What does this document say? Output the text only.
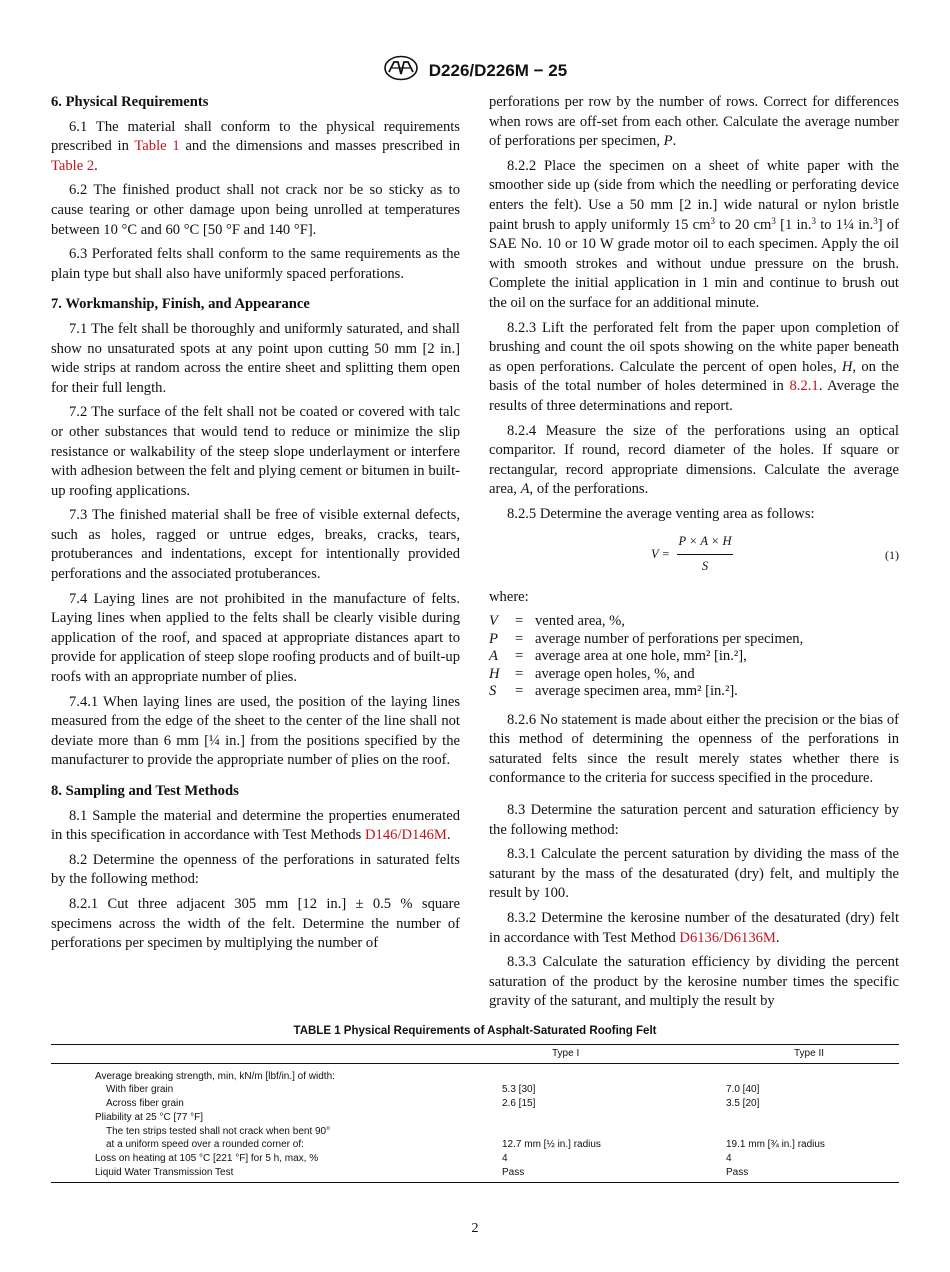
D226/D226M − 25
6. Physical Requirements

6.1 The material shall conform to the physical requirements prescribed in Table 1 and the dimensions and masses prescribed in Table 2.

6.2 The finished product shall not crack nor be so sticky as to cause tearing or other damage upon being unrolled at temperatures between 10 °C and 60 °C [50 °F and 140 °F].

6.3 Perforated felts shall conform to the same requirements as the plain type but shall also have uniformly spaced perforations.

7. Workmanship, Finish, and Appearance

7.1 The felt shall be thoroughly and uniformly saturated, and shall show no unsaturated spots at any point upon cutting 50 mm [2 in.] wide strips at random across the entire sheet and splitting them open for their full length.

7.2 The surface of the felt shall not be coated or covered with talc or other substances that would tend to reduce or minimize the slip resistance or walkability of the steep slope underlayment or interfere with adhesion between the felt and plying cement or bitumen in built-up roofing applications.

7.3 The finished material shall be free of visible external defects, such as holes, ragged or untrue edges, breaks, cracks, tears, protuberances and indentations, except for intentionally provided perforations and the associated protuberances.

7.4 Laying lines are not prohibited in the manufacture of felts. Laying lines when applied to the felts shall be clearly visible during application of the roof, and spaced at appropriate distances apart to provide for application of steep slope roofing products and of built-up roofs with an appropriate number of plies.

7.4.1 When laying lines are used, the position of the laying lines measured from the edge of the sheet to the center of the line shall not deviate more than 6 mm [¼ in.] from the positions specified by the manufacturer to provide the appropriate number of plies on the roof.

8. Sampling and Test Methods

8.1 Sample the material and determine the properties enumerated in this specification in accordance with Test Methods D146/D146M.

8.2 Determine the openness of the perforations in saturated felts by the following method:

8.2.1 Cut three adjacent 305 mm [12 in.] ± 0.5 % square specimens across the width of the felt. Determine the number of perforations per specimen by multiplying the number of

perforations per row by the number of rows. Correct for differences when rows are off-set from each other. Calculate the average number of perforations per specimen, P.

8.2.2 Place the specimen on a sheet of white paper with the smoother side up (side from which the needling or perforating device enters the felt). Use a 50 mm [2 in.] wide natural or nylon bristle paint brush to apply uniformly 15 $cm^3$ to 20 $cm^3$ [1 in.$^3$ to 1¼ in.$^3$] of SAE No. 10 or 10 W grade motor oil to each specimen. Apply the oil with smooth strokes and without undue pressure on the brush. Complete the initial application in 1 min and continue to brush out the oil on the surface for an additional minute.

8.2.3 Lift the perforated felt from the paper upon completion of brushing and count the oil spots showing on the white paper beneath as open perforations. Calculate the percent of open holes, H, on the basis of the total number of holes determined in 8.2.1. Average the results of three determinations and report.

8.2.4 Measure the size of the perforations using an optical comparitor. If round, record diameter of the holes. If square or rectangular, record appropriate dimensions. Calculate the average area, A, of the perforations.

8.2.5 Determine the average venting area as follows:

$V = \frac{P \times A \times H}{S}$	(1)

where:

V	= vented area, %,
P	= average number of perforations per specimen,
A	= average area at one hole, mm² [in.²],
H	= average open holes, %, and
S	= average specimen area, mm² [in.²].

8.2.6 No statement is made about either the precision or the bias of this method of determining the openness of the perforations in saturated felts since the result merely states whether there is conformance to the criteria for success specified in the procedure.

8.3 Determine the saturation percent and saturation efficiency by the following method:

8.3.1 Calculate the percent saturation by dividing the mass of the saturant by the mass of the desaturated (dry) felt, and multiply the result by 100.

8.3.2 Determine the kerosine number of the desaturated (dry) felt in accordance with Test Method D6136/D6136M.

8.3.3 Calculate the saturation efficiency by dividing the percent saturation of the product by the kerosine number times the specific gravity of the saturant, and multiply the result by

TABLE 1 Physical Requirements of Asphalt-Saturated Roofing Felt
	Type I	Type II

Average breaking strength, min, kN/m [lbf/in.] of width:		
With fiber grain	5.3 [30]	7.0 [40]
Across fiber grain	2.6 [15]	3.5 [20]
Pliability at 25 °C [77 °F]		
The ten strips tested shall not crack when bent 90°		
at a uniform speed over a rounded corner of:	12.7 mm [½ in.] radius	19.1 mm [¾ in.] radius
Loss on heating at 105 °C [221 °F] for 5 h, max, %	4	4
Liquid Water Transmission Test	Pass	Pass
2
